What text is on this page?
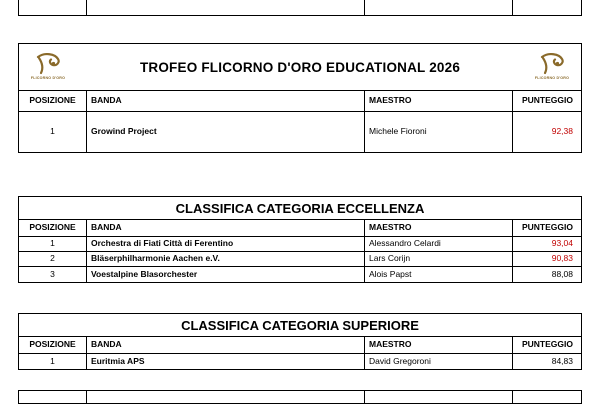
FLICORNO D'ORO
TROFEO FLICORNO D'ORO EDUCATIONAL 2026
FLICORNO D'ORO
POSIZIONE	BANDA	MAESTRO	PUNTEGGIO
1	Growind Project	Michele Fioroni	92,38
CLASSIFICA CATEGORIA ECCELLENZA
POSIZIONE	BANDA	MAESTRO	PUNTEGGIO
1	Orchestra di Fiati Città di Ferentino	Alessandro Celardi	93,04
2	Bläserphilharmonie Aachen e.V.	Lars Corijn	90,83
3	Voestalpine Blasorchester	Alois Papst	88,08
CLASSIFICA CATEGORIA SUPERIORE
POSIZIONE	BANDA	MAESTRO	PUNTEGGIO
1	Euritmia APS	David Gregoroni	84,83
